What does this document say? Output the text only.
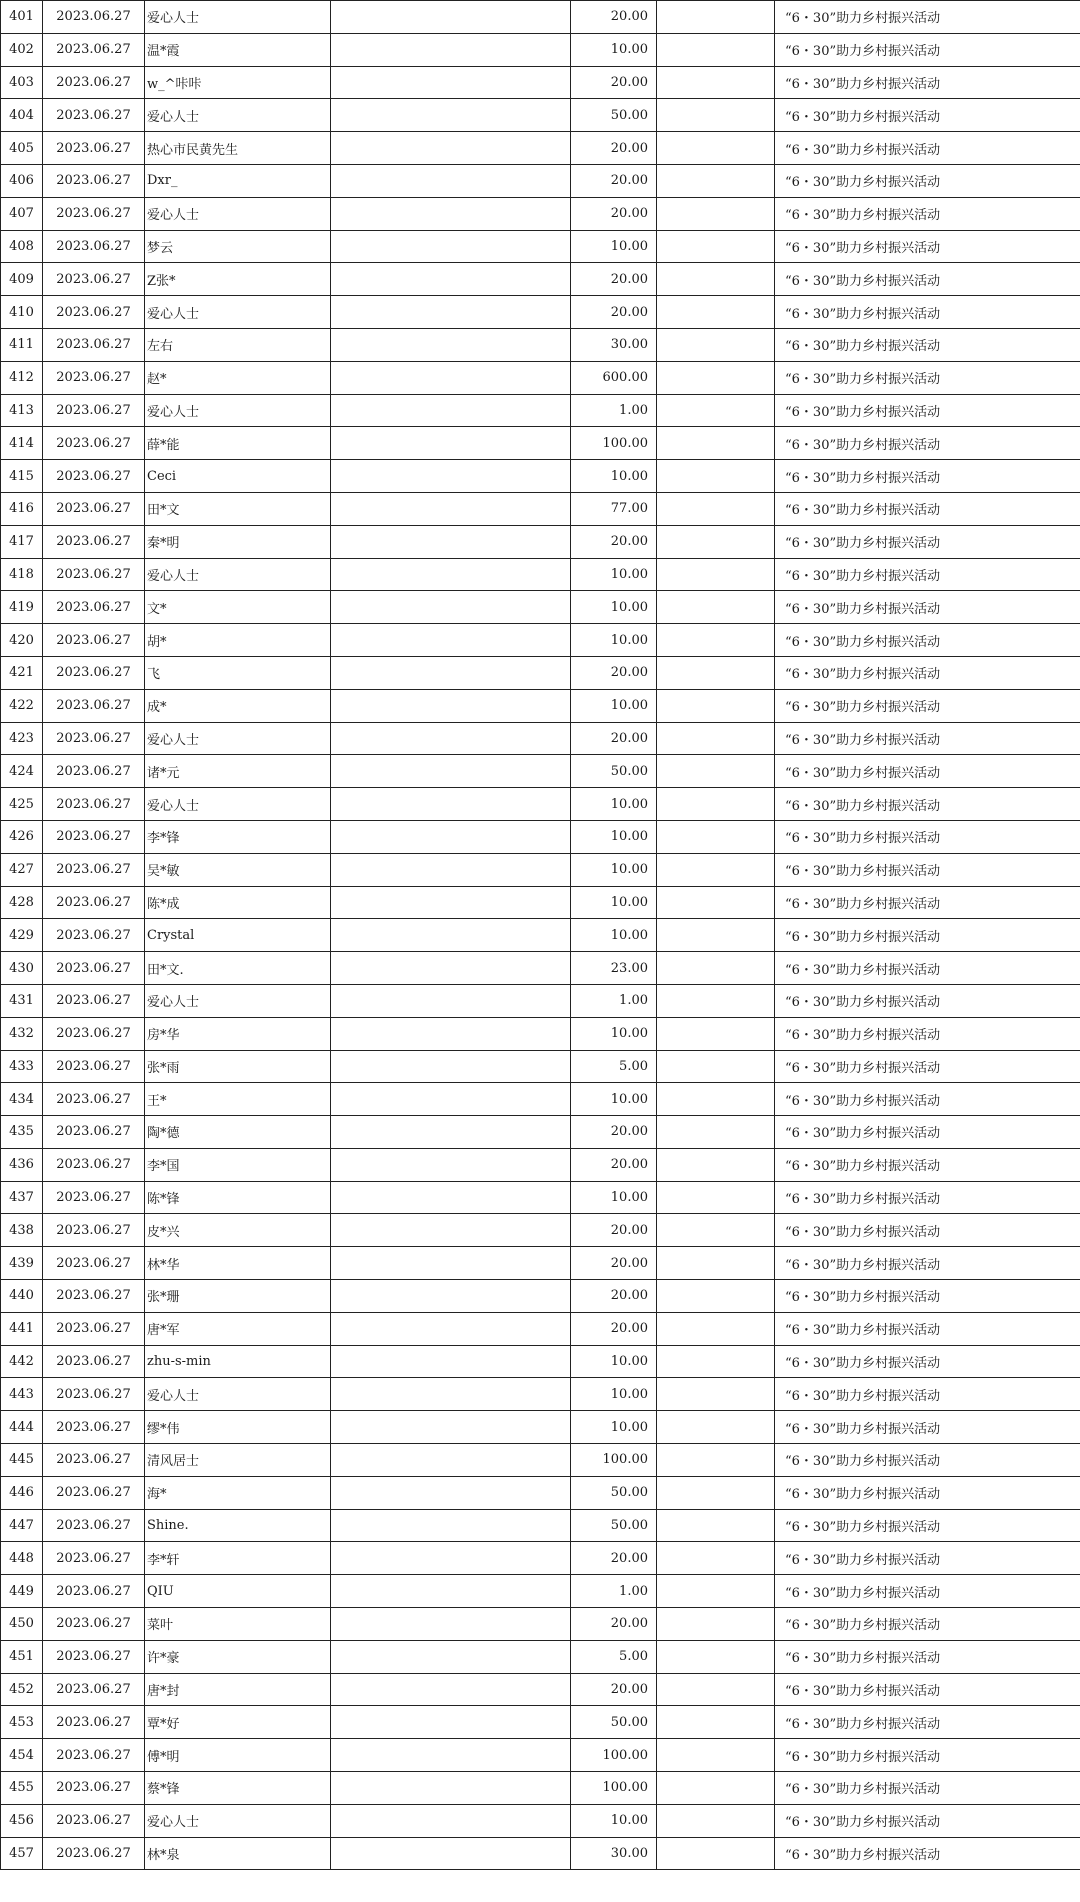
401	2023.06.27	爱心人士		20.00		“6・30”助力乡村振兴活动
402	2023.06.27	温*霞		10.00		“6・30”助力乡村振兴活动
403	2023.06.27	w_^咔咔		20.00		“6・30”助力乡村振兴活动
404	2023.06.27	爱心人士		50.00		“6・30”助力乡村振兴活动
405	2023.06.27	热心市民黄先生		20.00		“6・30”助力乡村振兴活动
406	2023.06.27	Dxr_		20.00		“6・30”助力乡村振兴活动
407	2023.06.27	爱心人士		20.00		“6・30”助力乡村振兴活动
408	2023.06.27	梦云		10.00		“6・30”助力乡村振兴活动
409	2023.06.27	Z张*		20.00		“6・30”助力乡村振兴活动
410	2023.06.27	爱心人士		20.00		“6・30”助力乡村振兴活动
411	2023.06.27	左右		30.00		“6・30”助力乡村振兴活动
412	2023.06.27	赵*		600.00		“6・30”助力乡村振兴活动
413	2023.06.27	爱心人士		1.00		“6・30”助力乡村振兴活动
414	2023.06.27	薛*能		100.00		“6・30”助力乡村振兴活动
415	2023.06.27	Ceci		10.00		“6・30”助力乡村振兴活动
416	2023.06.27	田*文		77.00		“6・30”助力乡村振兴活动
417	2023.06.27	秦*明		20.00		“6・30”助力乡村振兴活动
418	2023.06.27	爱心人士		10.00		“6・30”助力乡村振兴活动
419	2023.06.27	文*		10.00		“6・30”助力乡村振兴活动
420	2023.06.27	胡*		10.00		“6・30”助力乡村振兴活动
421	2023.06.27	飞		20.00		“6・30”助力乡村振兴活动
422	2023.06.27	成*		10.00		“6・30”助力乡村振兴活动
423	2023.06.27	爱心人士		20.00		“6・30”助力乡村振兴活动
424	2023.06.27	诸*元		50.00		“6・30”助力乡村振兴活动
425	2023.06.27	爱心人士		10.00		“6・30”助力乡村振兴活动
426	2023.06.27	李*锋		10.00		“6・30”助力乡村振兴活动
427	2023.06.27	吴*敏		10.00		“6・30”助力乡村振兴活动
428	2023.06.27	陈*成		10.00		“6・30”助力乡村振兴活动
429	2023.06.27	Crystal		10.00		“6・30”助力乡村振兴活动
430	2023.06.27	田*文.		23.00		“6・30”助力乡村振兴活动
431	2023.06.27	爱心人士		1.00		“6・30”助力乡村振兴活动
432	2023.06.27	房*华		10.00		“6・30”助力乡村振兴活动
433	2023.06.27	张*雨		5.00		“6・30”助力乡村振兴活动
434	2023.06.27	王*		10.00		“6・30”助力乡村振兴活动
435	2023.06.27	陶*德		20.00		“6・30”助力乡村振兴活动
436	2023.06.27	李*国		20.00		“6・30”助力乡村振兴活动
437	2023.06.27	陈*锋		10.00		“6・30”助力乡村振兴活动
438	2023.06.27	皮*兴		20.00		“6・30”助力乡村振兴活动
439	2023.06.27	林*华		20.00		“6・30”助力乡村振兴活动
440	2023.06.27	张*珊		20.00		“6・30”助力乡村振兴活动
441	2023.06.27	唐*军		20.00		“6・30”助力乡村振兴活动
442	2023.06.27	zhu-s-min		10.00		“6・30”助力乡村振兴活动
443	2023.06.27	爱心人士		10.00		“6・30”助力乡村振兴活动
444	2023.06.27	缪*伟		10.00		“6・30”助力乡村振兴活动
445	2023.06.27	清风居士		100.00		“6・30”助力乡村振兴活动
446	2023.06.27	海*		50.00		“6・30”助力乡村振兴活动
447	2023.06.27	Shine.		50.00		“6・30”助力乡村振兴活动
448	2023.06.27	李*轩		20.00		“6・30”助力乡村振兴活动
449	2023.06.27	QIU		1.00		“6・30”助力乡村振兴活动
450	2023.06.27	菜叶		20.00		“6・30”助力乡村振兴活动
451	2023.06.27	许*豪		5.00		“6・30”助力乡村振兴活动
452	2023.06.27	唐*封		20.00		“6・30”助力乡村振兴活动
453	2023.06.27	覃*好		50.00		“6・30”助力乡村振兴活动
454	2023.06.27	傅*明		100.00		“6・30”助力乡村振兴活动
455	2023.06.27	蔡*锋		100.00		“6・30”助力乡村振兴活动
456	2023.06.27	爱心人士		10.00		“6・30”助力乡村振兴活动
457	2023.06.27	林*泉		30.00		“6・30”助力乡村振兴活动
